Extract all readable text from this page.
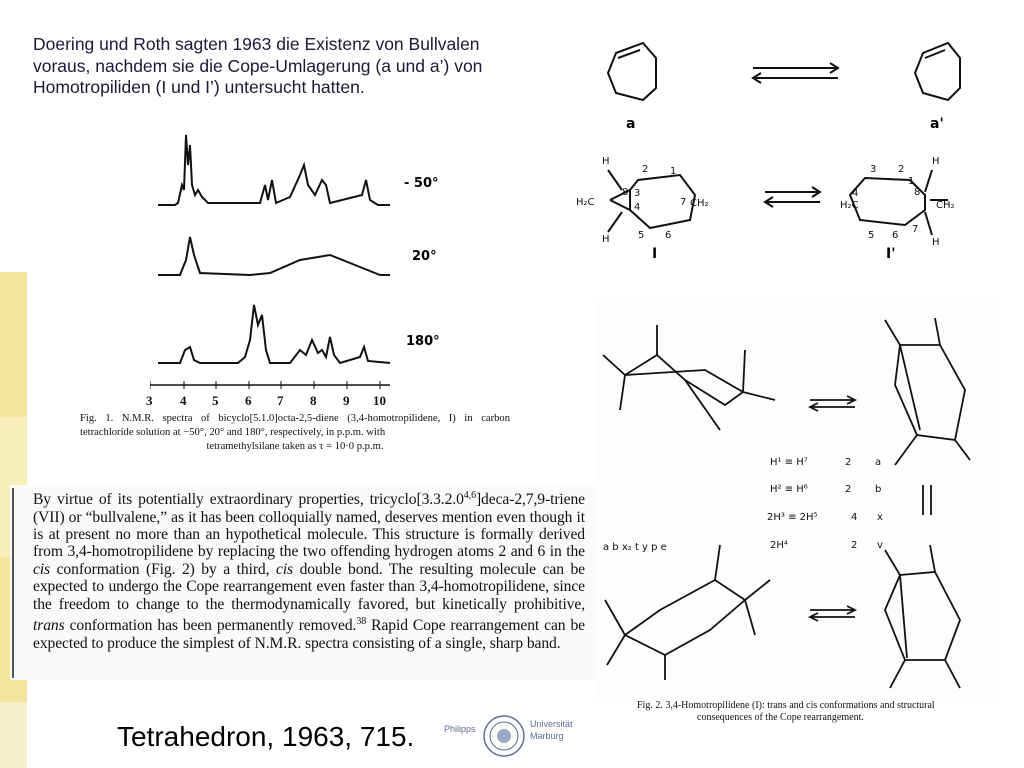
Doering und Roth sagten 1963 die Existenz von Bullvalen
voraus, nachdem sie die Cope-Umlagerung (a und a’) von
Homotropiliden (I und I’) untersucht hatten.
- 50°
20°
180°
3 4 5 6 7 8 9 10
Fig. 1. N.M.R. spectra of bicyclo[5.1.0]octa-2,5-diene (3,4-homotropilidene, I) in carbon tetrachloride solution at −50°, 20° and 180°, respectively, in p.p.m. with
tetramethylsilane taken as τ = 10·0 p.p.m.
By virtue of its potentially extraordinary properties, tricyclo[3.3.2.0$^{4,6}$]deca-2,7,9-triene (VII) or “bullvalene,” as it has been colloquially named, deserves mention even though it is at present no more than an hypothetical molecule. This structure is formally derived from 3,4-homotropilidene by replacing the two offending hydrogen atoms 2 and 6 in the cis conformation (Fig. 2) by a third, cis double bond. The resulting molecule can be expected to undergo the Cope rearrangement even faster than 3,4-homotropilidene, since the freedom to change to the thermodynamically favored, but kinetically prohibitive, trans conformation has been permanently removed.$^{38}$ Rapid Cope rearrangement can be expected to produce the simplest of N.M.R. spectra consisting of a single, sharp band.
Tetrahedron, 1963, 715.	Philipps	Universität
Marburg
a	a'
H
8 3
2 1
H₂C	4	7 CH₂
5 6
H
3 2
H
8
H₂C
4
1
CH₂
5 6
7
H
I	I'
H¹ ≡ H⁷	2 a
H² ≡ H⁶	2 b
2H³ ≡ 2H⁵	4 x
2H⁴	2 v
a b x₂ t y p e
Fig. 2. 3,4-Homotropilidene (I): trans and cis conformations and structural
consequences of the Cope rearrangement.
